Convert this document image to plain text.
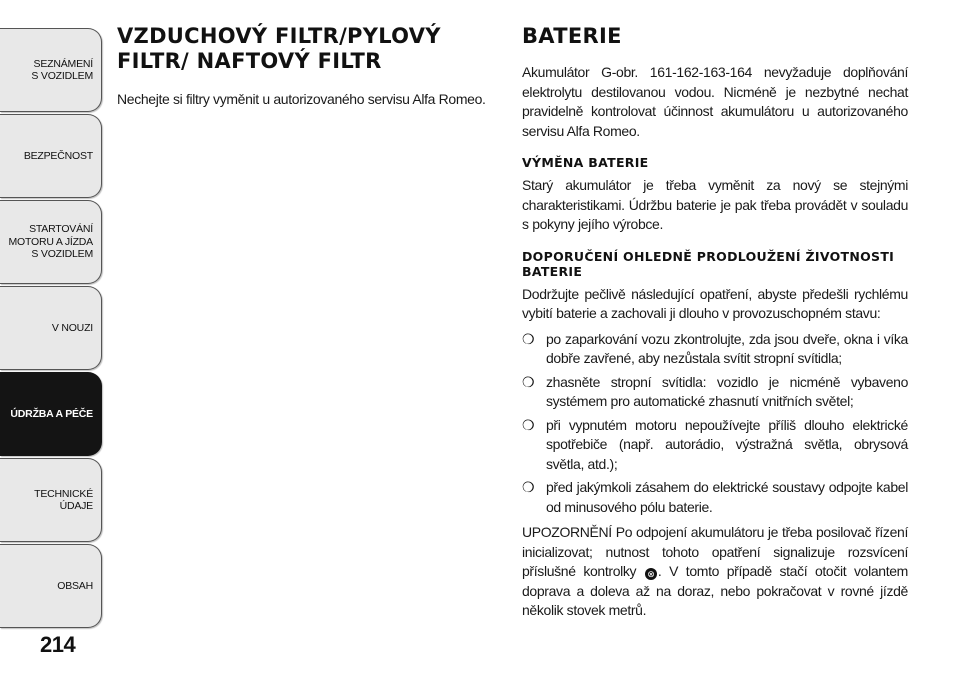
SEZNÁMENÍ
S VOZIDLEM
BEZPEČNOST
STARTOVÁNÍ
MOTORU A JÍZDA
S VOZIDLEM
V NOUZI
ÚDRŽBA A PÉČE
TECHNICKÉ
ÚDAJE
OBSAH
214
VZDUCHOVÝ FILTR/PYLOVÝ FILTR/ NAFTOVÝ FILTR

Nechejte si filtry vyměnit u autorizovaného servisu Alfa Romeo.

BATERIE

Akumulátor G-obr. 161-162-163-164 nevyžaduje doplňování elektrolytu destilovanou vodou. Nicméně je nezbytné nechat pravidelně kontrolovat účinnost akumulátoru u autorizovaného servisu Alfa Romeo.

VÝMĚNA BATERIE

Starý akumulátor je třeba vyměnit za nový se stejnými charakteristikami. Údržbu baterie je pak třeba provádět v souladu s pokyny jejího výrobce.

DOPORUČENÍ OHLEDNĚ PRODLOUŽENÍ ŽIVOTNOSTI BATERIE

Dodržujte pečlivě následující opatření, abyste předešli rychlému vybití baterie a zachovali ji dlouho v provozuschopném stavu:

❍ po zaparkování vozu zkontrolujte, zda jsou dveře, okna i víka dobře zavřené, aby nezůstala svítit stropní svítidla;
❍ zhasněte stropní svítidla: vozidlo je nicméně vybaveno systémem pro automatické zhasnutí vnitřních světel;
❍ při vypnutém motoru nepoužívejte příliš dlouho elektrické spotřebiče (např. autorádio, výstražná světla, obrysová světla, atd.);
❍ před jakýmkoli zásahem do elektrické soustavy odpojte kabel od minusového pólu baterie.

UPOZORNĚNÍ Po odpojení akumulátoru je třeba posilovač řízení inicializovat; nutnost tohoto opatření signalizuje rozsvícení příslušné kontrolky ⊗ . V tomto případě stačí otočit volantem doprava a doleva až na doraz, nebo pokračovat v rovné jízdě několik stovek metrů.
